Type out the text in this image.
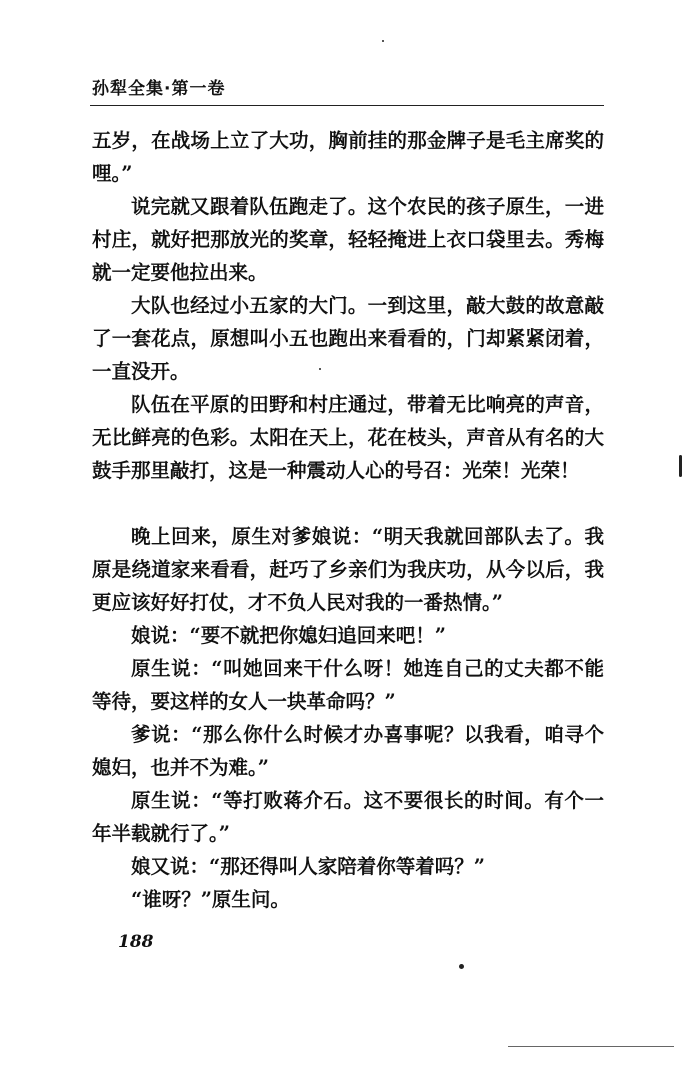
孙犁全集·第一卷

五岁，在战场上立了大功，胸前挂的那金牌子是毛主席奖的哩。”

说完就又跟着队伍跑走了。这个农民的孩子原生，一进村庄，就好把那放光的奖章，轻轻掩进上衣口袋里去。秀梅就一定要他拉出来。

大队也经过小五家的大门。一到这里，敲大鼓的故意敲了一套花点，原想叫小五也跑出来看看的，门却紧紧闭着，一直没开。

队伍在平原的田野和村庄通过，带着无比响亮的声音，无比鲜亮的色彩。太阳在天上，花在枝头，声音从有名的大鼓手那里敲打，这是一种震动人心的号召：光荣！光荣！

晚上回来，原生对爹娘说：“明天我就回部队去了。我原是绕道家来看看，赶巧了乡亲们为我庆功，从今以后，我更应该好好打仗，才不负人民对我的一番热情。”

娘说：“要不就把你媳妇追回来吧！”

原生说：“叫她回来干什么呀！她连自己的丈夫都不能等待，要这样的女人一块革命吗？”

爹说：“那么你什么时候才办喜事呢？以我看，咱寻个媳妇，也并不为难。”

原生说：“等打败蒋介石。这不要很长的时间。有个一年半载就行了。”

娘又说：“那还得叫人家陪着你等着吗？”

“谁呀？”原生问。

188
